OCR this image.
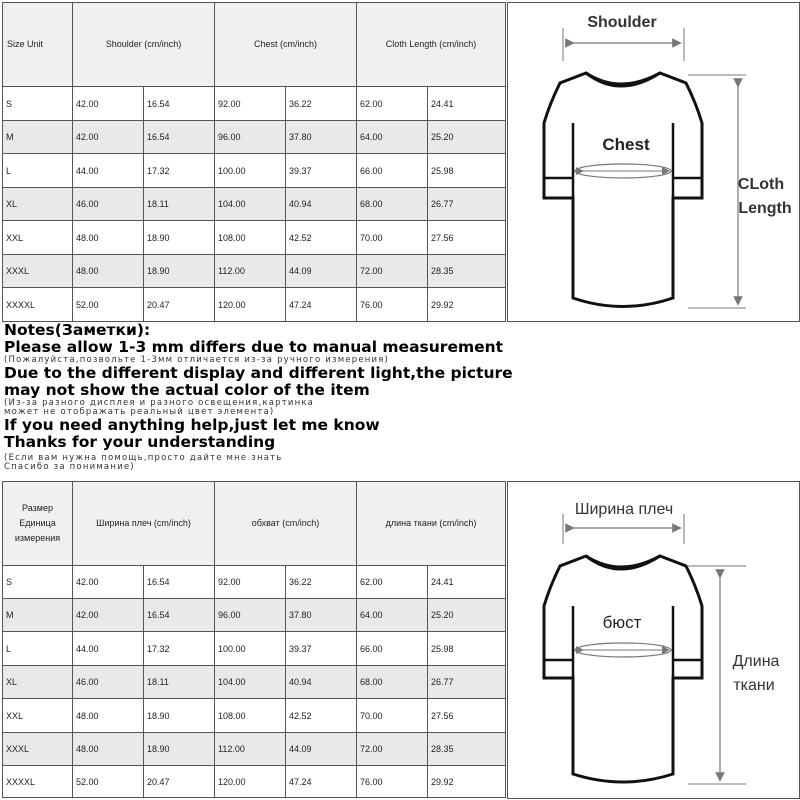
Size Unit	Shoulder (cm/inch)		Chest (cm/inch)		Cloth Length (cm/inch)	
S	42.00	16.54	92.00	36.22	62.00	24.41
M	42.00	16.54	96.00	37.80	64.00	25.20
L	44.00	17.32	100.00	39.37	66.00	25.98
XL	46.00	18.11	104.00	40.94	68.00	26.77
XXL	48.00	18.90	108.00	42.52	70.00	27.56
XXXL	48.00	18.90	112.00	44.09	72.00	28.35
XXXXL	52.00	20.47	120.00	47.24	76.00	29.92
Shoulder
Chest
CLoth
Length
Notes(Заметки):
Please allow 1-3 mm differs due to manual measurement
(Пожалуйста,позвольте 1-3мм отличается из-за ручного измерения)
Due to the different display and different light,the picture
may not show the actual color of the item
(Из-за разного дисплея и разного освещения,картинка
может не отображать реальный цвет элемента)
If you need anything help,just let me know
Thanks for your understanding
(Если вам нужна помощь,просто дайте мне знать
Спасибо за понимание)
Размер Единица измерения	Ширина плеч (cm/inch)		обхват (cm/inch)		длина ткани (cm/inch)	
S	42.00	16.54	92.00	36.22	62.00	24.41
M	42.00	16.54	96.00	37.80	64.00	25.20
L	44.00	17.32	100.00	39.37	66.00	25.98
XL	46.00	18.11	104.00	40.94	68.00	26.77
XXL	48.00	18.90	108.00	42.52	70.00	27.56
XXXL	48.00	18.90	112.00	44.09	72.00	28.35
XXXXL	52.00	20.47	120.00	47.24	76.00	29.92
Ширина плеч
бюст
Длина
ткани
